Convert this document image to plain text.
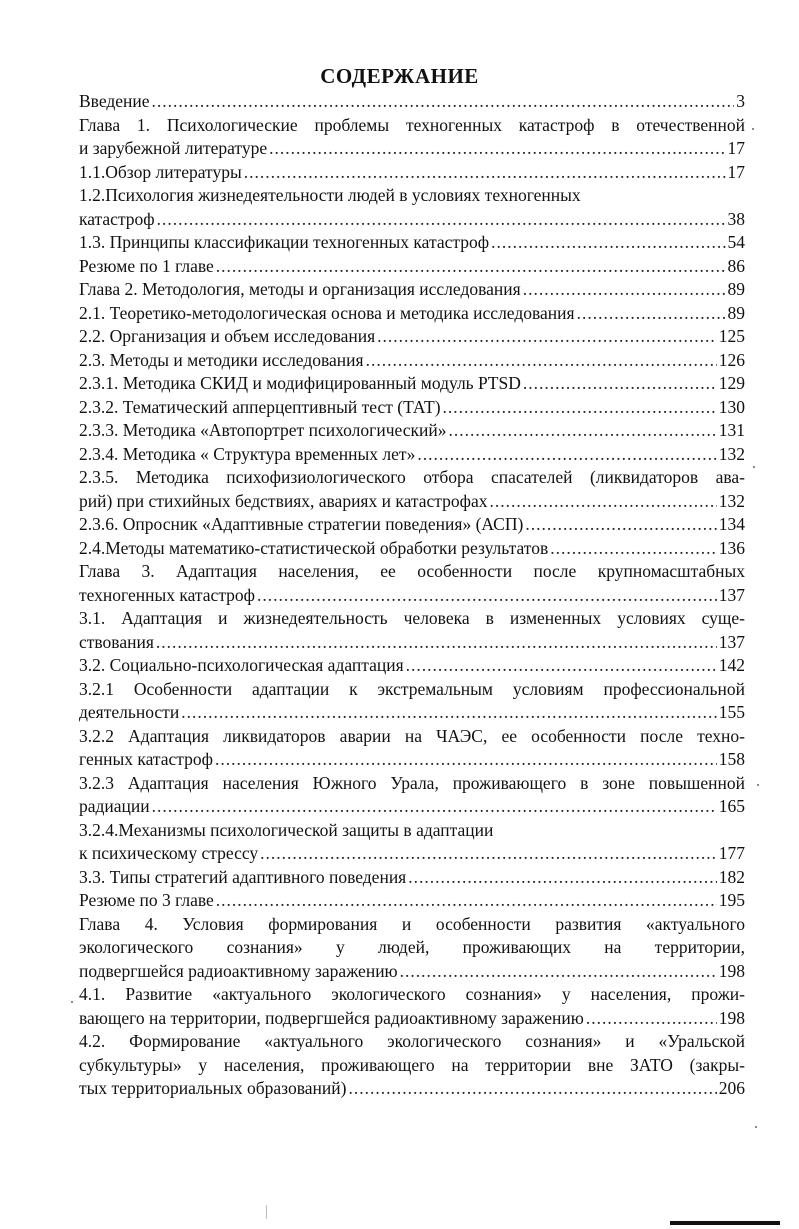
СОДЕРЖАНИЕ
Введение .....	3
Глава 1. Психологические проблемы техногенных катастроф в отечественной
и зарубежной литературе .....	17
1.1.Обзор литературы .....	17
1.2.Психология жизнедеятельности людей в условиях техногенных
катастроф .....	38
1.3. Принципы классификации техногенных катастроф .....	54
Резюме по 1 главе .....	86
Глава 2. Методология, методы и организация исследования .....	89
2.1. Теоретико-методологическая основа и методика исследования .....	89
2.2. Организация и объем исследования .....	125
2.3. Методы и методики исследования .....	126
2.3.1. Методика СКИД и модифицированный модуль PTSD .....	129
2.3.2. Тематический апперцептивный тест (ТАТ) .....	130
2.3.3. Методика «Автопортрет психологический» .....	131
2.3.4. Методика « Структура временных лет» .....	132
2.3.5. Методика психофизиологического отбора спасателей (ликвидаторов ава-
рий) при стихийных бедствиях, авариях и катастрофах .....	132
2.3.6. Опросник «Адаптивные стратегии поведения» (АСП) .....	134
2.4.Методы математико-статистической обработки результатов .....	136
Глава 3. Адаптация населения, ее особенности после крупномасштабных
техногенных катастроф .....	137
3.1. Адаптация и жизнедеятельность человека в измененных условиях суще-
ствования .....	137
3.2. Социально-психологическая адаптация .....	142
3.2.1 Особенности адаптации к экстремальным условиям профессиональной
деятельности .....	155
3.2.2 Адаптация ликвидаторов аварии на ЧАЭС, ее особенности после техно-
генных катастроф .....	158
3.2.3 Адаптация населения Южного Урала, проживающего в зоне повышенной
радиации .....	165
3.2.4.Механизмы психологической защиты в адаптации
к психическому стрессу .....	177
3.3. Типы стратегий адаптивного поведения .....	182
Резюме по 3 главе .....	195
Глава 4. Условия формирования и особенности развития «актуального
экологического сознания» у людей, проживающих на территории,
подвергшейся радиоактивному заражению .....	198
4.1. Развитие «актуального экологического сознания» у населения, прожи-
вающего на территории, подвергшейся радиоактивному заражению .....	198
4.2. Формирование «актуального экологического сознания» и «Уральской
субкультуры» у населения, проживающего на территории вне ЗАТО (закры-
тых территориальных образований) .....	206
